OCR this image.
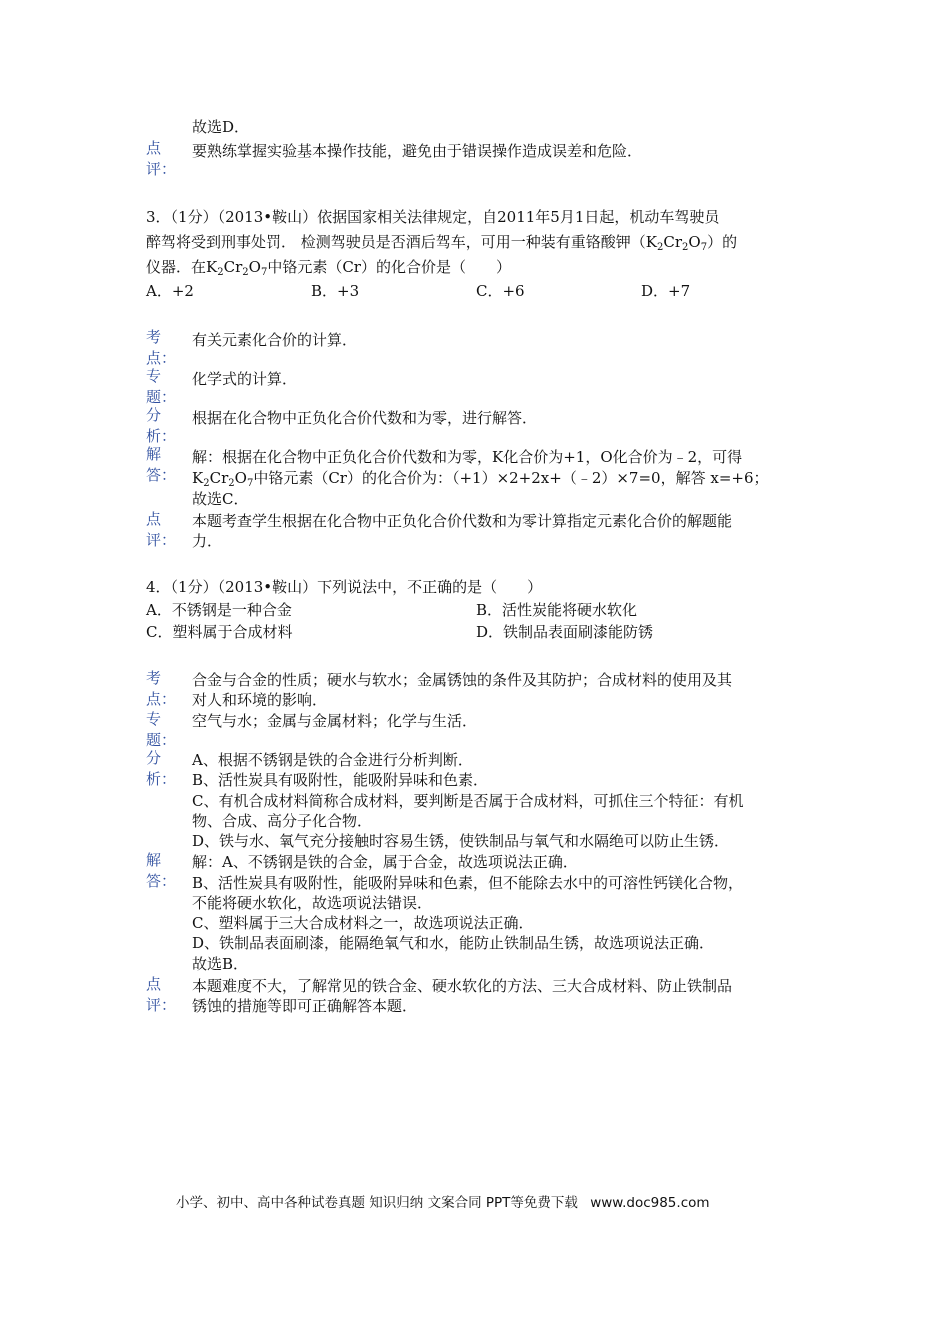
故选D．
点
评：
要熟练掌握实验基本操作技能，避免由于错误操作造成误差和危险．
3．（1分）（2013•鞍山）依据国家相关法律规定，自2011年5月1日起，机动车驾驶员
醉驾将受到刑事处罚． 检测驾驶员是否酒后驾车，可用一种装有重铬酸钾$(K_2Cr_2O_7)$的
仪器．在$K_2Cr_2O_7$中铬元素（Cr）的化合价是（　　）
A．+2	B．+3	C．+6	D．+7
考
点：
有关元素化合价的计算．
专
题：
化学式的计算．
分
析：
根据在化合物中正负化合价代数和为零，进行解答．
解
答：
解：根据在化合物中正负化合价代数和为零，K化合价为+1，O化合价为﹣2，可得
$K_2Cr_2O_7$中铬元素（Cr）的化合价为：（+1）×2+2x+（﹣2）×7=0，解答 x=+6；
故选C．
点
评：
本题考查学生根据在化合物中正负化合价代数和为零计算指定元素化合价的解题能
力．
4．（1分）（2013•鞍山）下列说法中，不正确的是（　　）
A．不锈钢是一种合金	B．活性炭能将硬水软化
C．塑料属于合成材料	D．铁制品表面刷漆能防锈
考
点：
合金与合金的性质；硬水与软水；金属锈蚀的条件及其防护；合成材料的使用及其
对人和环境的影响．
专
题：
空气与水；金属与金属材料；化学与生活．
分
析：
A、根据不锈钢是铁的合金进行分析判断．
B、活性炭具有吸附性，能吸附异味和色素．
C、有机合成材料简称合成材料，要判断是否属于合成材料，可抓住三个特征：有机
物、合成、高分子化合物．
D、铁与水、氧气充分接触时容易生锈，使铁制品与氧气和水隔绝可以防止生锈．
解
答：
解：A、不锈钢是铁的合金，属于合金，故选项说法正确．
B、活性炭具有吸附性，能吸附异味和色素，但不能除去水中的可溶性钙镁化合物，
不能将硬水软化，故选项说法错误．
C、塑料属于三大合成材料之一，故选项说法正确．
D、铁制品表面刷漆，能隔绝氧气和水，能防止铁制品生锈，故选项说法正确．
故选B．
点
评：
本题难度不大，了解常见的铁合金、硬水软化的方法、三大合成材料、防止铁制品
锈蚀的措施等即可正确解答本题．
小学、初中、高中各种试卷真题 知识归纳 文案合同 PPT等免费下载 www.doc985.com
